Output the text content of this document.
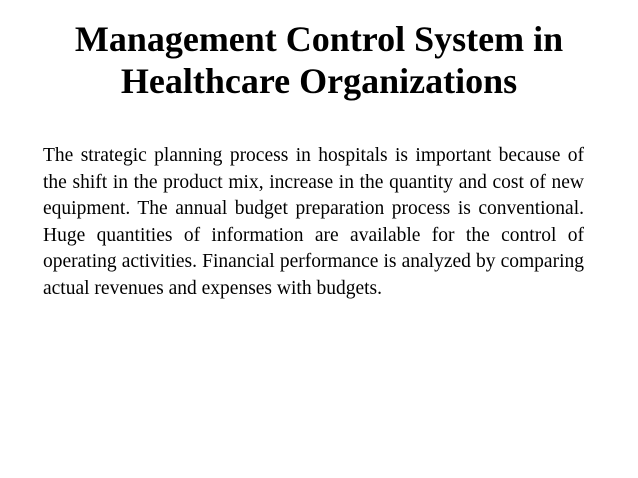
Management Control System in
Healthcare Organizations

The strategic planning process in hospitals is important because of the shift in the product mix, increase in the quantity and cost of new equipment. The annual budget preparation process is conventional. Huge quantities of information are available for the control of operating activities. Financial performance is analyzed by comparing actual revenues and expenses with budgets.
